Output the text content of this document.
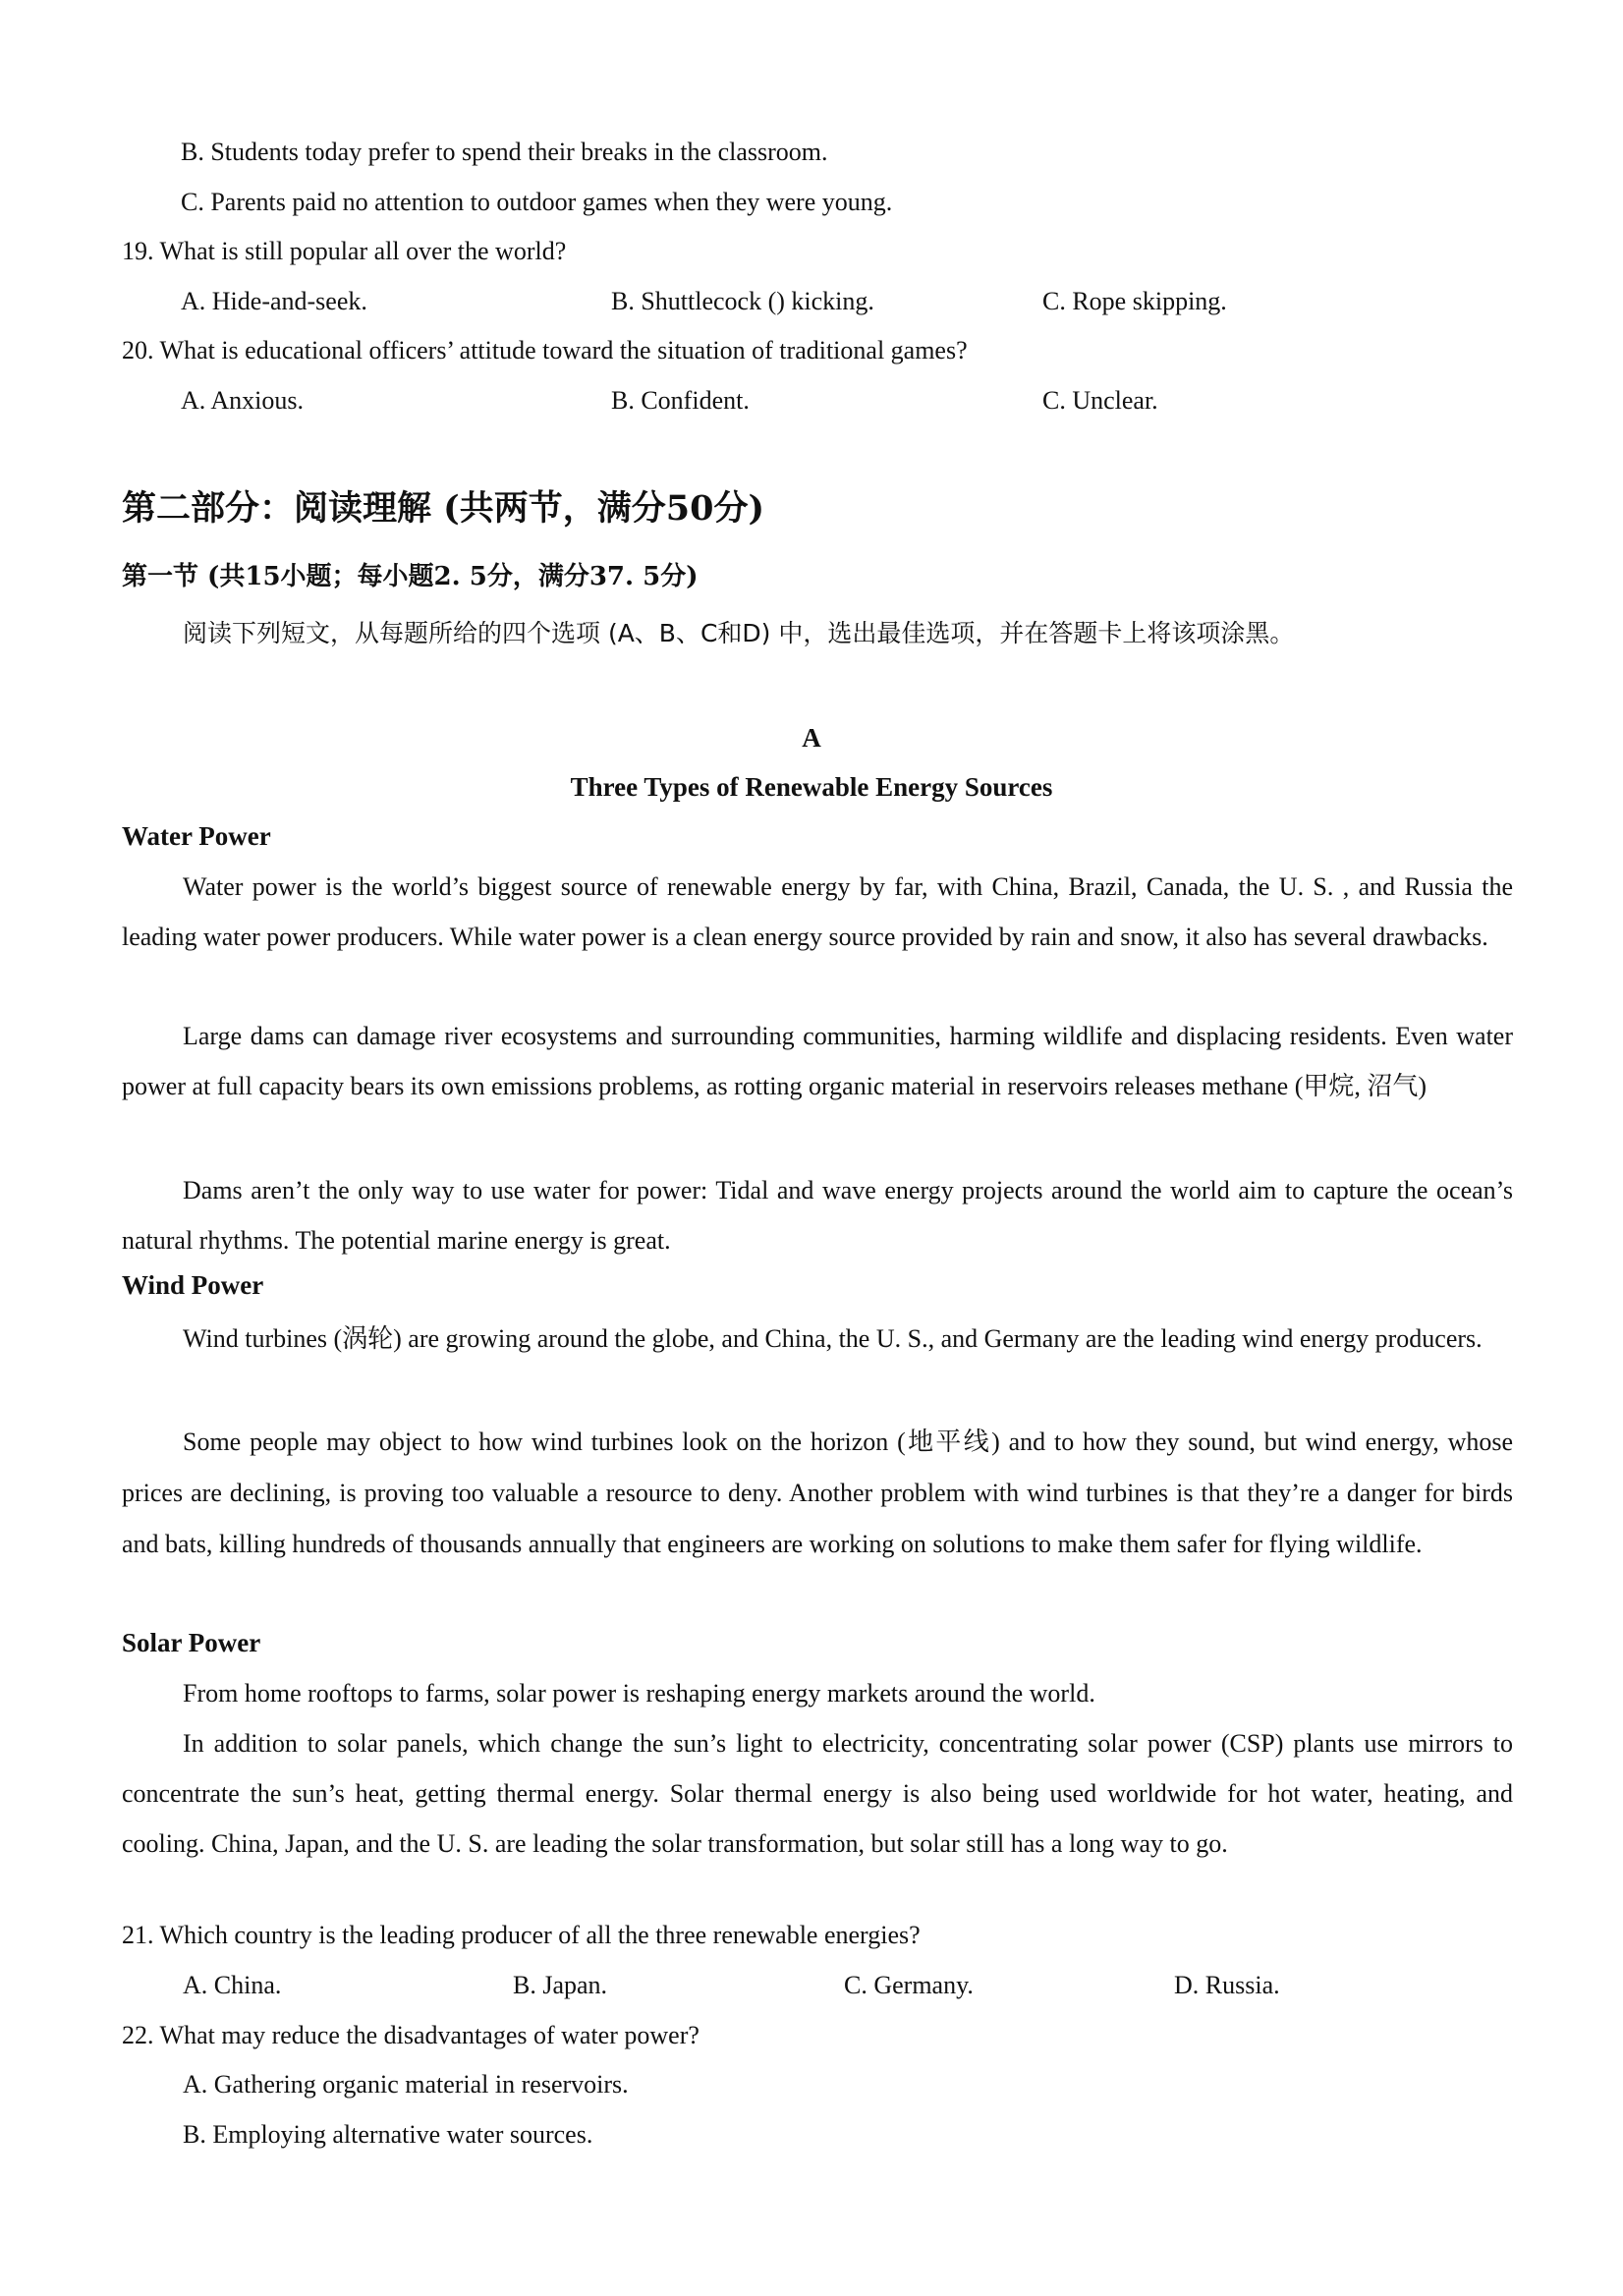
B. Students today prefer to spend their breaks in the classroom.
C. Parents paid no attention to outdoor games when they were young.
19. What is still popular all over the world?
A. Hide-and-seek.	B. Shuttlecock () kicking.	C. Rope skipping.
20. What is educational officers’ attitude toward the situation of traditional games?
A. Anxious.	B. Confident.	C. Unclear.
第二部分：阅读理解 (共两节，满分50分)
第一节 (共15小题；每小题2. 5分，满分37. 5分)
阅读下列短文，从每题所给的四个选项 (A、B、C和D) 中，选出最佳选项，并在答题卡上将该项涂黑。
A
Three Types of Renewable Energy Sources
Water Power
Water power is the world’s biggest source of renewable energy by far, with China, Brazil, Canada, the U. S. , and Russia the leading water power producers. While water power is a clean energy source provided by rain and snow, it also has several drawbacks.
Large dams can damage river ecosystems and surrounding communities, harming wildlife and displacing residents. Even water power at full capacity bears its own emissions problems, as rotting organic material in reservoirs releases methane (甲烷, 沼气)
Dams aren’t the only way to use water for power: Tidal and wave energy projects around the world aim to capture the ocean’s natural rhythms. The potential marine energy is great.
Wind Power
Wind turbines (涡轮) are growing around the globe, and China, the U. S., and Germany are the leading wind energy producers.
Some people may object to how wind turbines look on the horizon (地平线) and to how they sound, but wind energy, whose prices are declining, is proving too valuable a resource to deny. Another problem with wind turbines is that they’re a danger for birds and bats, killing hundreds of thousands annually that engineers are working on solutions to make them safer for flying wildlife.
Solar Power
From home rooftops to farms, solar power is reshaping energy markets around the world.
In addition to solar panels, which change the sun’s light to electricity, concentrating solar power (CSP) plants use mirrors to concentrate the sun’s heat, getting thermal energy. Solar thermal energy is also being used worldwide for hot water, heating, and cooling. China, Japan, and the U. S. are leading the solar transformation, but solar still has a long way to go.
21. Which country is the leading producer of all the three renewable energies?
A. China.	B. Japan.	C. Germany.	D. Russia.
22. What may reduce the disadvantages of water power?
A. Gathering organic material in reservoirs.
B. Employing alternative water sources.
